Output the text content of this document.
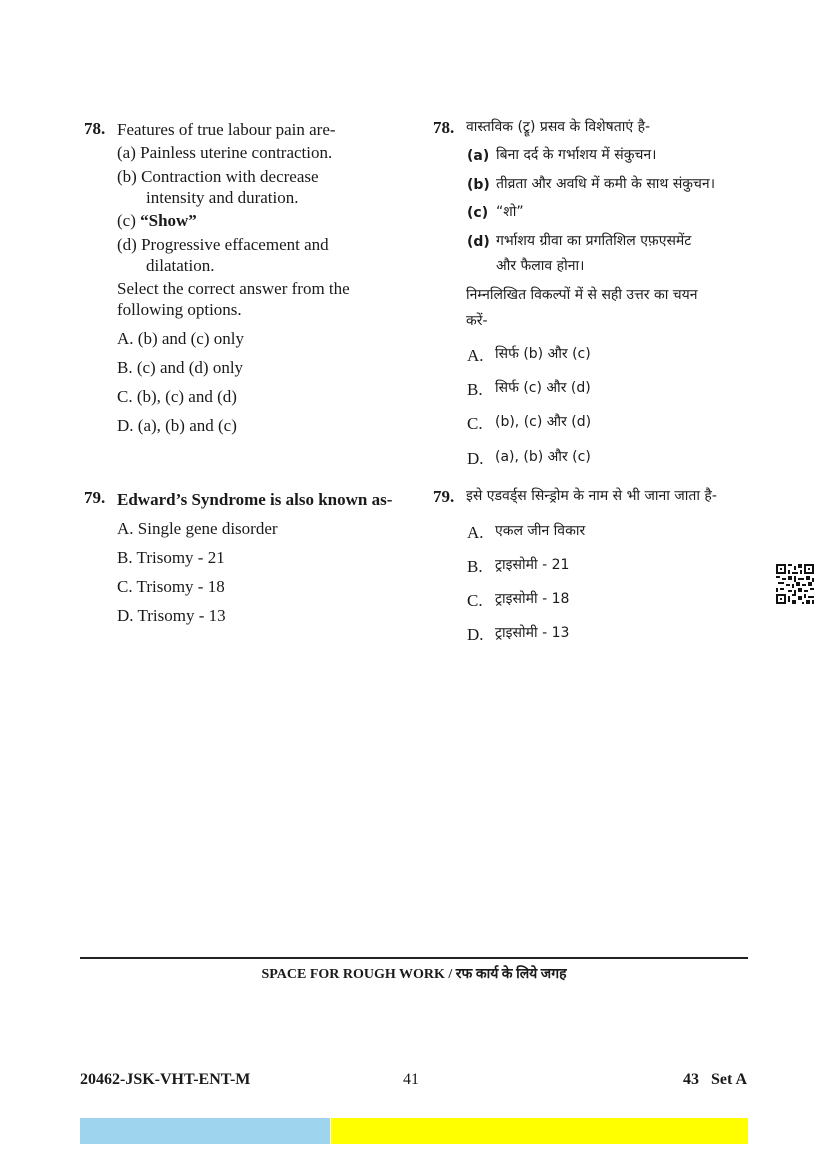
78. Features of true labour pain are-
(a) Painless uterine contraction.
(b) Contraction with decrease
intensity and duration.
(c) “Show”
(d) Progressive effacement and
dilatation.
Select the correct answer from the
following options.
A. (b) and (c) only
B. (c) and (d) only
C. (b), (c) and (d)
D. (a), (b) and (c)
78. वास्तविक (ट्रू) प्रसव के विशेषताएं है-
(a) बिना दर्द के गर्भाशय में संकुचन।
(b) तीव्रता और अवधि में कमी के साथ संकुचन।
(c) “शो”
(d) गर्भाशय ग्रीवा का प्रगतिशिल एफ़एसमेंट
और फैलाव होना।
निम्नलिखित विकल्पों में से सही उत्तर का चयन
करें-
A. सिर्फ (b) और (c)
B. सिर्फ (c) और (d)
C. (b), (c) और (d)
D. (a), (b) और (c)
79. Edward’s Syndrome is also known as-
A. Single gene disorder
B. Trisomy - 21
C. Trisomy - 18
D. Trisomy - 13
79. इसे एडवर्ड्स सिन्ड्रोम के नाम से भी जाना जाता है-
A. एकल जीन विकार
B. ट्राइसोमी - 21
C. ट्राइसोमी - 18
D. ट्राइसोमी - 13
SPACE FOR ROUGH WORK / रफ कार्य के लिये जगह
20462-JSK-VHT-ENT-M	41	43   Set A
